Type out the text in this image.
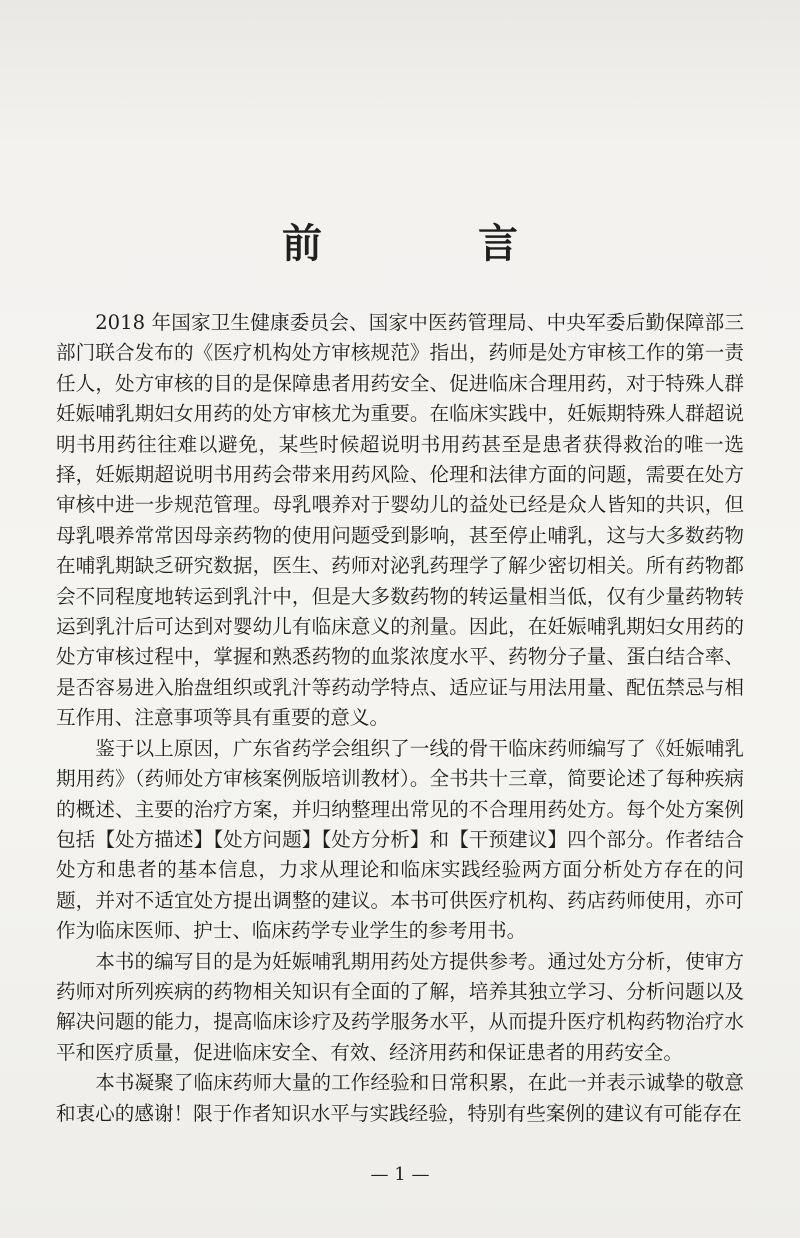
前　言

2018 年国家卫生健康委员会、国家中医药管理局、中央军委后勤保障部三部门联合发布的《医疗机构处方审核规范》指出，药师是处方审核工作的第一责任人，处方审核的目的是保障患者用药安全、促进临床合理用药，对于特殊人群妊娠哺乳期妇女用药的处方审核尤为重要。在临床实践中，妊娠期特殊人群超说明书用药往往难以避免，某些时候超说明书用药甚至是患者获得救治的唯一选择，妊娠期超说明书用药会带来用药风险、伦理和法律方面的问题，需要在处方审核中进一步规范管理。母乳喂养对于婴幼儿的益处已经是众人皆知的共识，但母乳喂养常常因母亲药物的使用问题受到影响，甚至停止哺乳，这与大多数药物在哺乳期缺乏研究数据，医生、药师对泌乳药理学了解少密切相关。所有药物都会不同程度地转运到乳汁中，但是大多数药物的转运量相当低，仅有少量药物转运到乳汁后可达到对婴幼儿有临床意义的剂量。因此，在妊娠哺乳期妇女用药的处方审核过程中，掌握和熟悉药物的血浆浓度水平、药物分子量、蛋白结合率、是否容易进入胎盘组织或乳汁等药动学特点、适应证与用法用量、配伍禁忌与相互作用、注意事项等具有重要的意义。

鉴于以上原因，广东省药学会组织了一线的骨干临床药师编写了《妊娠哺乳期用药》（药师处方审核案例版培训教材）。全书共十三章，简要论述了每种疾病的概述、主要的治疗方案，并归纳整理出常见的不合理用药处方。每个处方案例包括【处方描述】【处方问题】【处方分析】和【干预建议】四个部分。作者结合处方和患者的基本信息，力求从理论和临床实践经验两方面分析处方存在的问题，并对不适宜处方提出调整的建议。本书可供医疗机构、药店药师使用，亦可作为临床医师、护士、临床药学专业学生的参考用书。

本书的编写目的是为妊娠哺乳期用药处方提供参考。通过处方分析，使审方药师对所列疾病的药物相关知识有全面的了解，培养其独立学习、分析问题以及解决问题的能力，提高临床诊疗及药学服务水平，从而提升医疗机构药物治疗水平和医疗质量，促进临床安全、有效、经济用药和保证患者的用药安全。

本书凝聚了临床药师大量的工作经验和日常积累，在此一并表示诚挚的敬意和衷心的感谢！限于作者知识水平与实践经验，特别有些案例的建议有可能存在

— 1 —
